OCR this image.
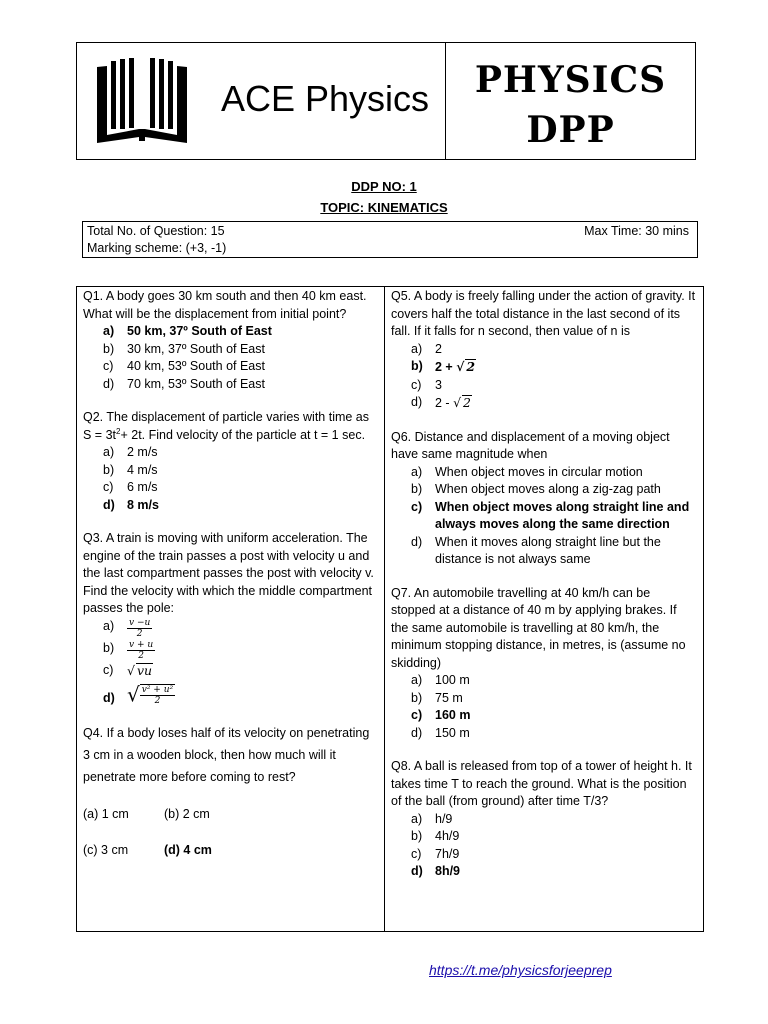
ACE Physics	PHYSICS
DPP
DDP NO: 1
TOPIC: KINEMATICS
Total No. of Question: 15	Max Time: 30 mins
Marking scheme: (+3, -1)
Q1. A body goes 30 km south and then 40 km east. What will be the displacement from initial point?
a) 50 km, 37º South of East
b) 30 km, 37º South of East
c) 40 km, 53º South of East
d) 70 km, 53º South of East
Q2. The displacement of particle varies with time as $S = 3t^2+ 2t$. Find velocity of the particle at t = 1 sec.
a) 2 m/s
b) 4 m/s
c) 6 m/s
d) 8 m/s
Q3. A train is moving with uniform acceleration. The engine of the train passes a post with velocity u and the last compartment passes the post with velocity v. Find the velocity with which the middle compartment passes the pole:
$a) \frac{v -u}{2}$
$b) \frac{v + u}{2}$
c) √ vu
d) √ $\frac{\text{v² + u²}}{2}$
Q4. If a body loses half of its velocity on penetrating 3 cm in a wooden block, then how much will it penetrate more before coming to rest?
(a) 1 cm	(b) 2 cm
(c) 3 cm	(d) 4 cm
Q5. A body is freely falling under the action of gravity. It covers half the total distance in the last second of its fall. If it falls for n second, then value of n is
a) 2
b) 2 + √ 2
c) 3
d) 2 - √ 2
Q6. Distance and displacement of a moving object have same magnitude when
a) When object moves in circular motion
b) When object moves along a zig-zag path
c) When object moves along straight line and always moves along the same direction
d) When it moves along straight line but the distance is not always same
Q7. An automobile travelling at 40 km/h can be stopped at a distance of 40 m by applying brakes. If the same automobile is travelling at 80 km/h, the minimum stopping distance, in metres, is (assume no skidding)
a) 100 m
b) 75 m
c) 160 m
d) 150 m
Q8. A ball is released from top of a tower of height h. It takes time T to reach the ground. What is the position of the ball (from ground) after time T/3?
a) h/9
b) 4h/9
c) 7h/9
d) 8h/9
https://t.me/physicsforjeeprep
